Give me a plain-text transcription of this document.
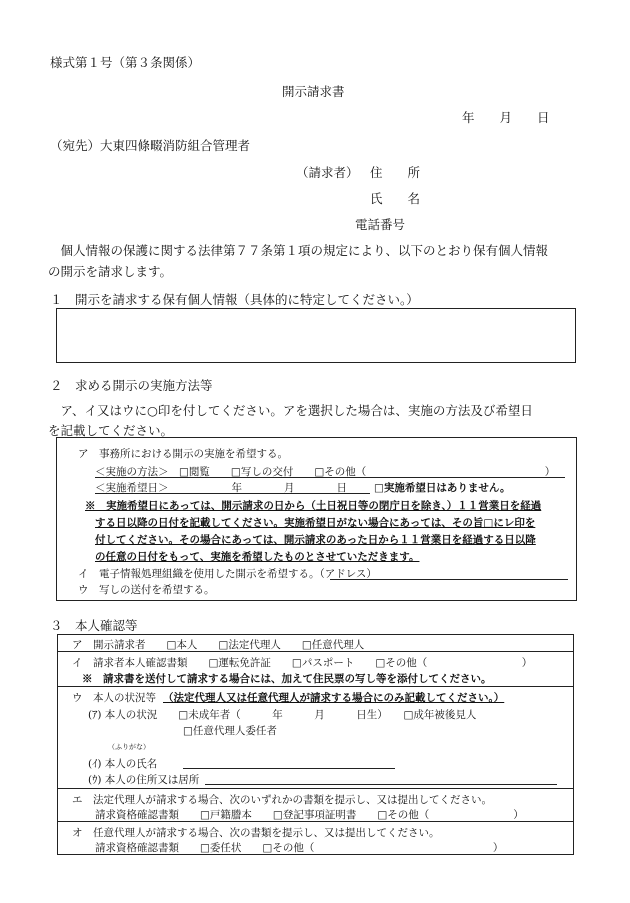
様式第１号（第３条関係）
開示請求書
年　　月　　日
（宛先）大東四條畷消防組合管理者
（請求者） 住　　所
氏　　名
電話番号
　個人情報の保護に関する法律第７７条第１項の規定により、以下のとおり保有個人情報
の開示を請求します。
１　開示を請求する保有個人情報（具体的に特定してください。）
２　求める開示の実施方法等
　ア、イ又はウに○印を付してください。アを選択した場合は、実施の方法及び希望日
を記載してください。
ア　事務所における開示の実施を希望する。
＜実施の方法＞　□閲覧　　□写しの交付　　□その他（　　　　　　　　　　　　　　　　　）
＜実施希望日＞　　　　　　年　　　　月　　　　日	□実施希望日はありません。
※　実施希望日にあっては、開示請求の日から（土日祝日等の閉庁日を除き、）１１営業日を経過
する日以降の日付を記載してください。実施希望日がない場合にあっては、その旨□にレ印を
付してください。その場合にあっては、開示請求のあった日から１１営業日を経過する日以降
の任意の日付をもって、実施を希望したものとさせていただきます。
イ　電子情報処理組織を使用した開示を希望する。（アドレス）
ウ　写しの送付を希望する。
３　本人確認等
ア　開示請求者　　□本人　　□法定代理人　　□任意代理人
イ　請求者本人確認書類　　□運転免許証　　□パスポート　　□その他（　　　　　　　　　）
※　請求書を送付して請求する場合には、加えて住民票の写し等を添付してください。
ウ　本人の状況等 （法定代理人又は任意代理人が請求する場合にのみ記載してください。）
(ｱ) 本人の状況　　□未成年者（　　　年　　　月　　　日生）　　□成年被後見人
□任意代理人委任者
（ふりがな）
(ｲ) 本人の氏名
(ｳ) 本人の住所又は居所
エ　法定代理人が請求する場合、次のいずれかの書類を提示し、又は提出してください。
請求資格確認書類　　□戸籍謄本　　□登記事項証明書　　□その他（　　　　　　　　）
オ　任意代理人が請求する場合、次の書類を提示し、又は提出してください。
請求資格確認書類　　□委任状　　□その他（　　　　　　　　　　　　　　　　　）
